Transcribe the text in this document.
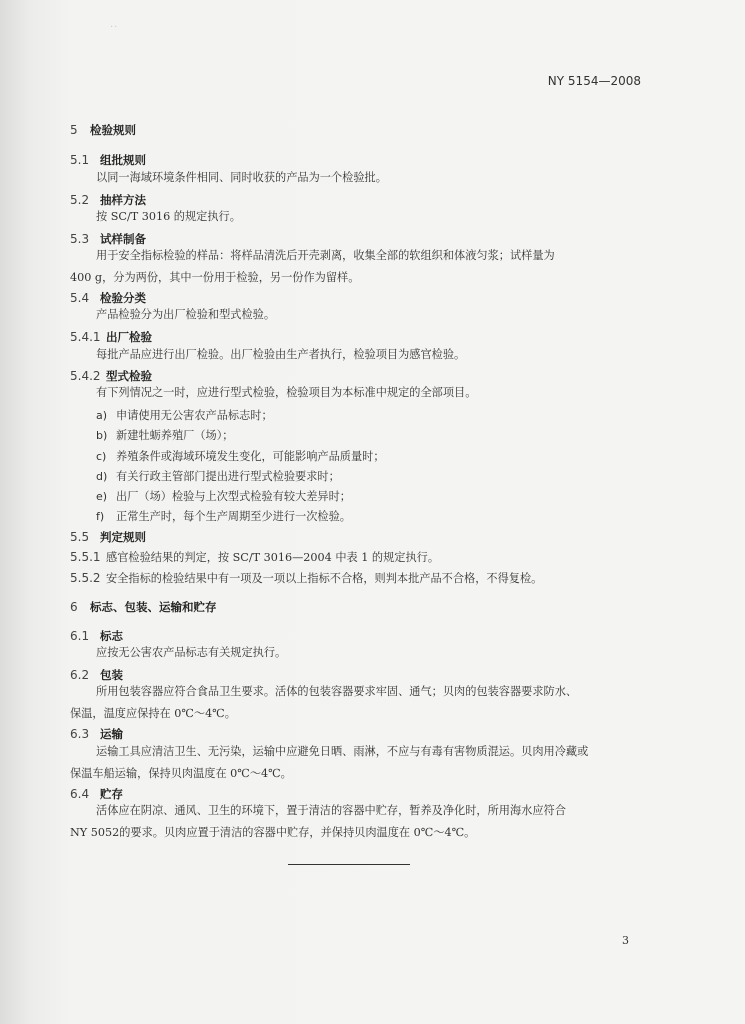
··
NY 5154—2008
5 检验规则
5.1 组批规则

以同一海域环境条件相同、同时收获的产品为一个检验批。

5.2 抽样方法

按 SC/T 3016 的规定执行。

5.3 试样制备

用于安全指标检验的样品：将样品清洗后开壳剥离，收集全部的软组织和体液匀浆；试样量为

400 g，分为两份，其中一份用于检验，另一份作为留样。

5.4 检验分类

产品检验分为出厂检验和型式检验。

5.4.1 出厂检验

每批产品应进行出厂检验。出厂检验由生产者执行，检验项目为感官检验。

5.4.2 型式检验

有下列情况之一时，应进行型式检验，检验项目为本标准中规定的全部项目。

a) 申请使用无公害农产品标志时；
b) 新建牡蛎养殖厂（场）；
c) 养殖条件或海域环境发生变化，可能影响产品质量时；
d) 有关行政主管部门提出进行型式检验要求时；
e) 出厂（场）检验与上次型式检验有较大差异时；
f) 正常生产时，每个生产周期至少进行一次检验。
5.5 判定规则
5.5.1 感官检验结果的判定，按 SC/T 3016—2004 中表 1 的规定执行。
5.5.2 安全指标的检验结果中有一项及一项以上指标不合格，则判本批产品不合格，不得复检。
6 标志、包装、运输和贮存
6.1 标志

应按无公害农产品标志有关规定执行。

6.2 包装

所用包装容器应符合食品卫生要求。活体的包装容器要求牢固、通气；贝肉的包装容器要求防水、

保温，温度应保持在 0℃～4℃。

6.3 运输

运输工具应清洁卫生、无污染，运输中应避免日晒、雨淋，不应与有毒有害物质混运。贝肉用冷藏或

保温车船运输，保持贝肉温度在 0℃～4℃。

6.4 贮存

活体应在阴凉、通风、卫生的环境下，置于清洁的容器中贮存，暂养及净化时，所用海水应符合

NY 5052的要求。贝肉应置于清洁的容器中贮存，并保持贝肉温度在 0℃～4℃。

3
